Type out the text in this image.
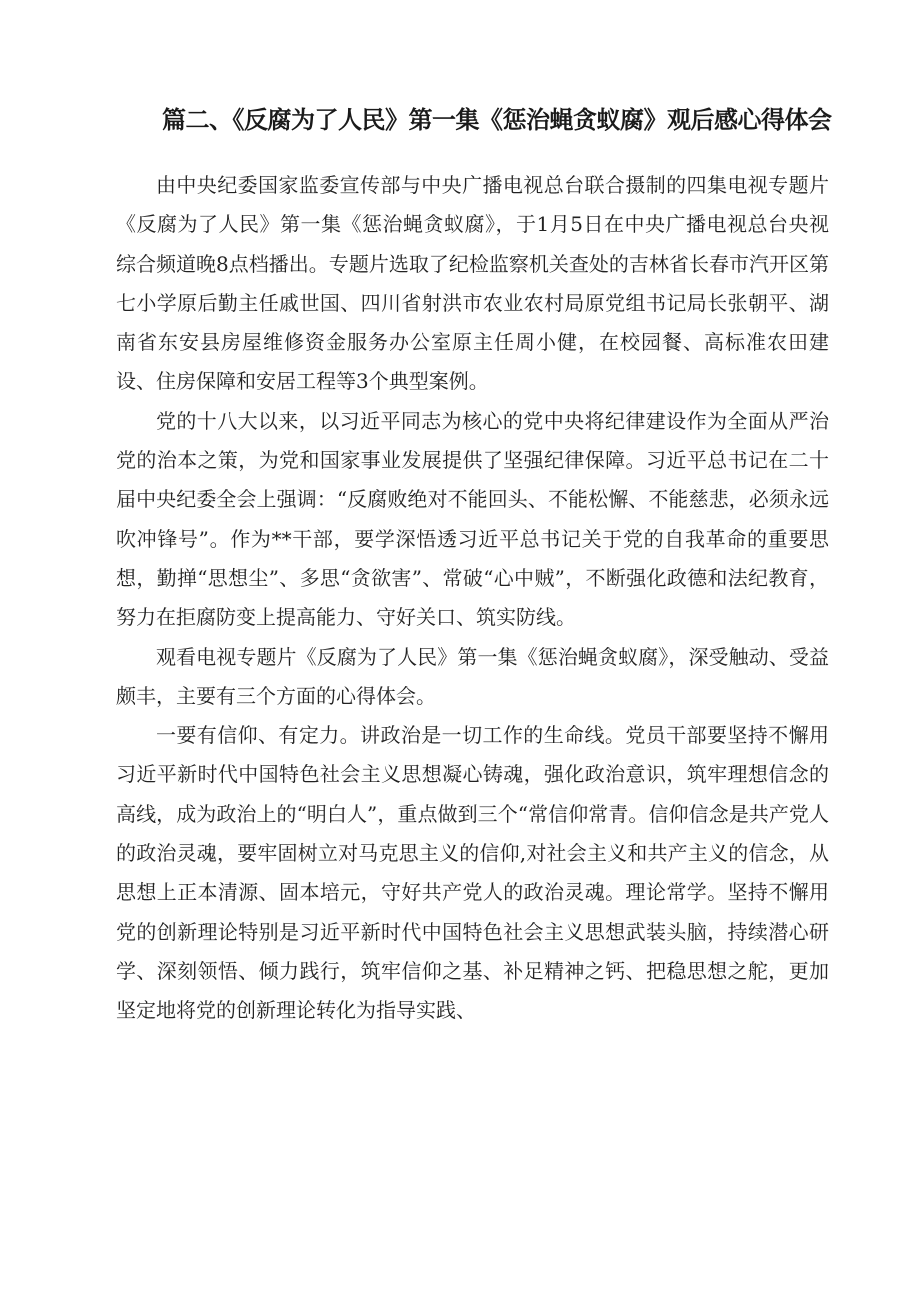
篇二、《反腐为了人民》第一集《惩治蝇贪蚁腐》观后感心得体会

由中央纪委国家监委宣传部与中央广播电视总台联合摄制的四集电视专题片《反腐为了人民》第一集《惩治蝇贪蚁腐》，于1月5日在中央广播电视总台央视综合频道晚8点档播出。专题片选取了纪检监察机关查处的吉林省长春市汽开区第七小学原后勤主任戚世国、四川省射洪市农业农村局原党组书记局长张朝平、湖南省东安县房屋维修资金服务办公室原主任周小健，在校园餐、高标准农田建设、住房保障和安居工程等3个典型案例。

党的十八大以来，以习近平同志为核心的党中央将纪律建设作为全面从严治党的治本之策，为党和国家事业发展提供了坚强纪律保障。习近平总书记在二十届中央纪委全会上强调：“反腐败绝对不能回头、不能松懈、不能慈悲，必须永远吹冲锋号”。作为**干部，要学深悟透习近平总书记关于党的自我革命的重要思想，勤掸“思想尘”、多思“贪欲害”、常破“心中贼”，不断强化政德和法纪教育，努力在拒腐防变上提高能力、守好关口、筑实防线。

观看电视专题片《反腐为了人民》第一集《惩治蝇贪蚁腐》，深受触动、受益颇丰，主要有三个方面的心得体会。

一要有信仰、有定力。讲政治是一切工作的生命线。党员干部要坚持不懈用习近平新时代中国特色社会主义思想凝心铸魂，强化政治意识，筑牢理想信念的高线，成为政治上的“明白人”，重点做到三个“常信仰常青。信仰信念是共产党人的政治灵魂，要牢固树立对马克思主义的信仰,对社会主义和共产主义的信念，从思想上正本清源、固本培元，守好共产党人的政治灵魂。理论常学。坚持不懈用党的创新理论特别是习近平新时代中国特色社会主义思想武装头脑，持续潜心研学、深刻领悟、倾力践行，筑牢信仰之基、补足精神之钙、把稳思想之舵，更加坚定地将党的创新理论转化为指导实践、
